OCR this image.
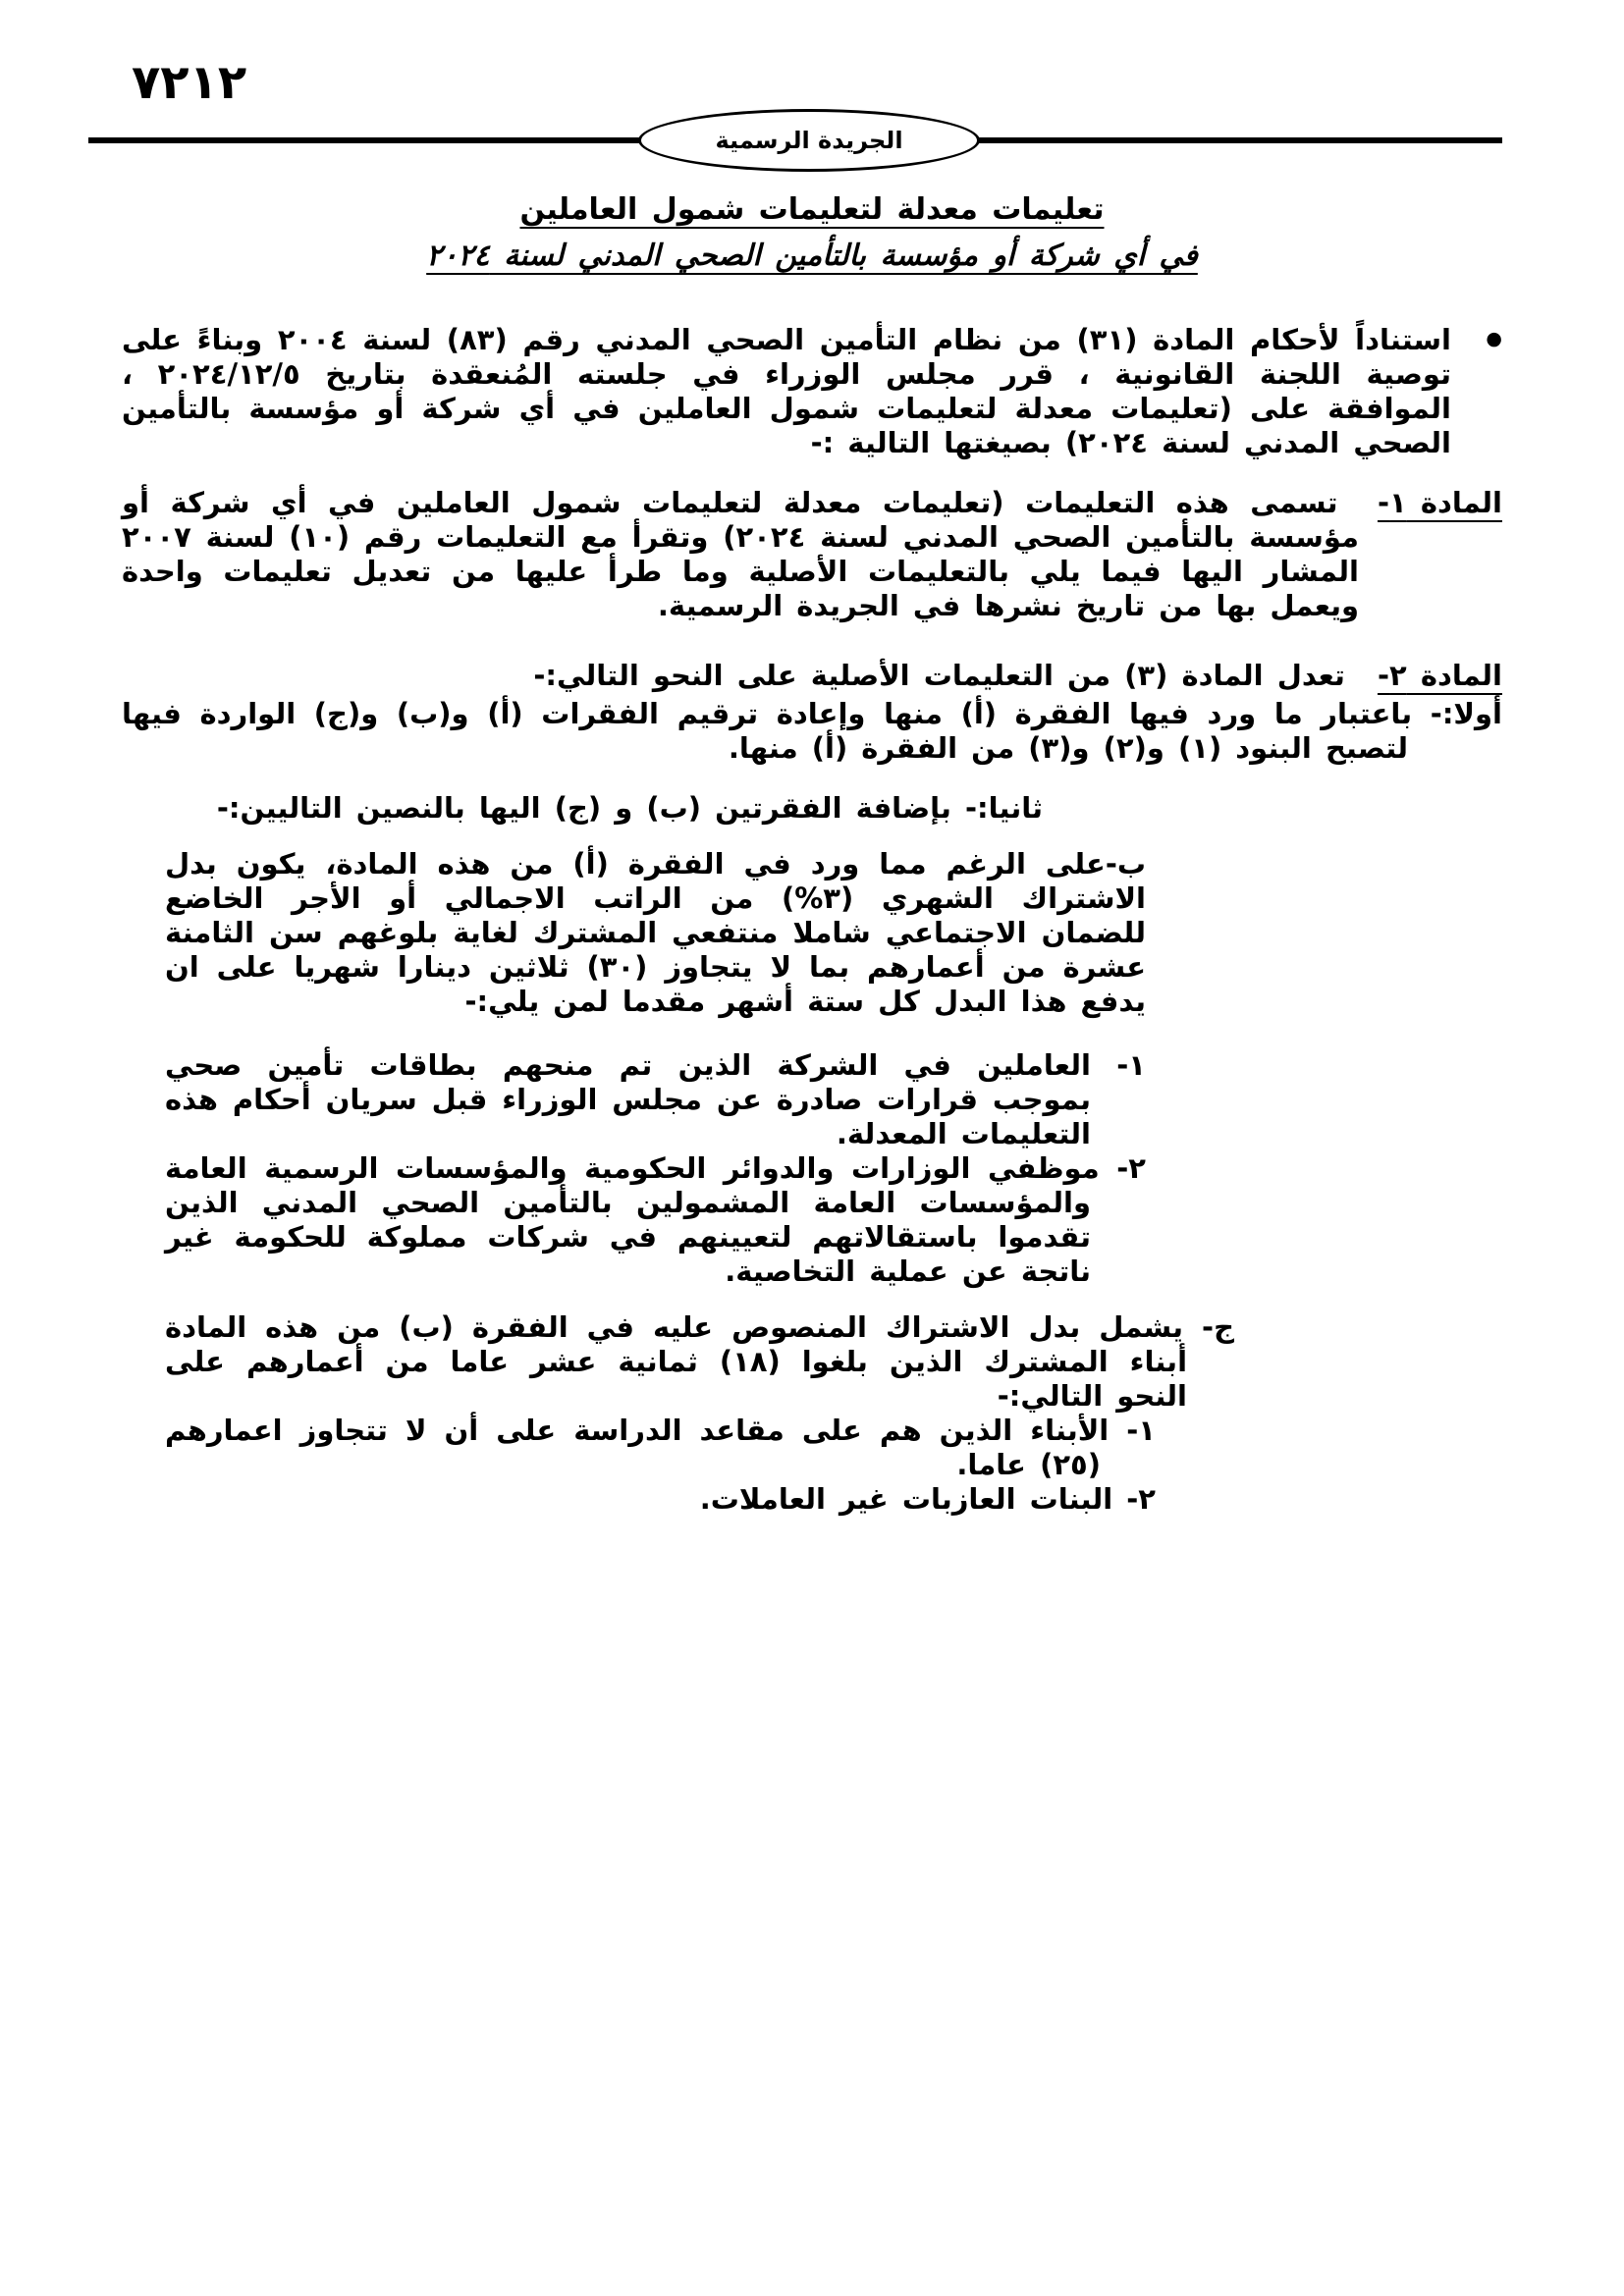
٧٢١٢
الجريدة الرسمية
تعليمات معدلة لتعليمات شمول العاملين
في أي شركة أو مؤسسة بالتأمين الصحي المدني لسنة ٢٠٢٤

●استناداً لأحكام المادة (٣١) من نظام التأمين الصحي المدني رقم (٨٣) لسنة ٢٠٠٤ وبناءً على توصية اللجنة القانونية ، قرر مجلس الوزراء في جلسته المُنعقدة بتاريخ ٢٠٢٤/١٢/٥ ، الموافقة على (تعليمات معدلة لتعليمات شمول العاملين في أي شركة أو مؤسسة بالتأمين الصحي المدني لسنة ٢٠٢٤) بصيغتها التالية :-

المادة ١- تسمى هذه التعليمات (تعليمات معدلة لتعليمات شمول العاملين في أي شركة أو مؤسسة بالتأمين الصحي المدني لسنة ٢٠٢٤) وتقرأ مع التعليمات رقم (١٠) لسنة ٢٠٠٧ المشار اليها فيما يلي بالتعليمات الأصلية وما طرأ عليها من تعديل تعليمات واحدة ويعمل بها من تاريخ نشرها في الجريدة الرسمية.

المادة ٢- تعدل المادة (٣) من التعليمات الأصلية على النحو التالي:-

أولا:- باعتبار ما ورد فيها الفقرة (أ) منها وإعادة ترقيم الفقرات (أ) و(ب) و(ج) الواردة فيها لتصبح البنود (١) و(٢) و(٣) من الفقرة (أ) منها.

ثانيا:- بإضافة الفقرتين (ب) و (ج) اليها بالنصين التاليين:-

ب-على الرغم مما ورد في الفقرة (أ) من هذه المادة، يكون بدل الاشتراك الشهري (٣%) من الراتب الاجمالي أو الأجر الخاضع للضمان الاجتماعي شاملا منتفعي المشترك لغاية بلوغهم سن الثامنة عشرة من أعمارهم بما لا يتجاوز (٣٠) ثلاثين دينارا شهريا على ان يدفع هذا البدل كل ستة أشهر مقدما لمن يلي:-

١- العاملين في الشركة الذين تم منحهم بطاقات تأمين صحي بموجب قرارات صادرة عن مجلس الوزراء قبل سريان أحكام هذه التعليمات المعدلة.

٢- موظفي الوزارات والدوائر الحكومية والمؤسسات الرسمية العامة والمؤسسات العامة المشمولين بالتأمين الصحي المدني الذين تقدموا باستقالاتهم لتعيينهم في شركات مملوكة للحكومة غير ناتجة عن عملية التخاصية.

ج- يشمل بدل الاشتراك المنصوص عليه في الفقرة (ب) من هذه المادة أبناء المشترك الذين بلغوا (١٨) ثمانية عشر عاما من أعمارهم على النحو التالي:-

١- الأبناء الذين هم على مقاعد الدراسة على أن لا تتجاوز اعمارهم (٢٥) عاما.

٢- البنات العازبات غير العاملات.
